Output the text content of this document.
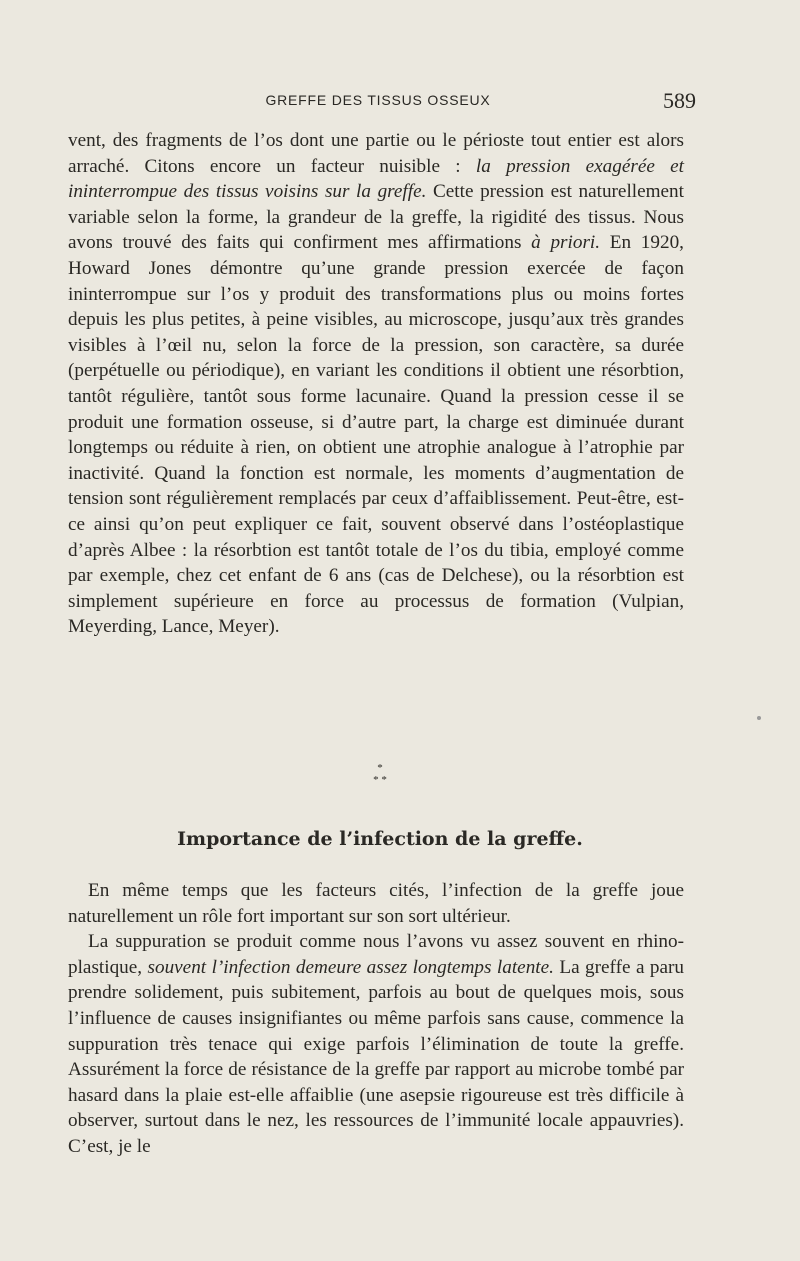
GREFFE DES TISSUS OSSEUX	589

vent, des fragments de l’os dont une partie ou le périoste tout entier est alors arraché. Citons encore un facteur nuisible : la pression exagérée et ininterrompue des tissus voisins sur la greffe. Cette pression est naturellement variable selon la forme, la grandeur de la greffe, la rigidité des tissus. Nous avons trouvé des faits qui confirment mes affirmations à priori. En 1920, Howard Jones démontre qu’une grande pression exercée de façon ininterrompue sur l’os y produit des transformations plus ou moins fortes depuis les plus petites, à peine visibles, au microscope, jusqu’aux très grandes visibles à l’œil nu, selon la force de la pression, son caractère, sa durée (perpétuelle ou périodique), en variant les conditions il obtient une résorbtion, tantôt régulière, tantôt sous forme lacunaire. Quand la pression cesse il se produit une formation osseuse, si d’autre part, la charge est diminuée durant longtemps ou réduite à rien, on obtient une atrophie analogue à l’atrophie par inactivité. Quand la fonction est normale, les moments d’augmentation de tension sont régulièrement remplacés par ceux d’affaiblissement. Peut-être, est-ce ainsi qu’on peut expliquer ce fait, souvent observé dans l’ostéoplastique d’après Albee : la résorbtion est tantôt totale de l’os du tibia, employé comme par exemple, chez cet enfant de 6 ans (cas de Delchese), ou la résorbtion est simplement supérieure en force au processus de formation (Vulpian, Meyerding, Lance, Meyer).

*
* *
Importance de l’infection de la greffe.

En même temps que les facteurs cités, l’infection de la greffe joue naturellement un rôle fort important sur son sort ultérieur.

La suppuration se produit comme nous l’avons vu assez souvent en rhino-plastique, souvent l’infection demeure assez longtemps latente. La greffe a paru prendre solidement, puis subitement, parfois au bout de quelques mois, sous l’influence de causes insignifiantes ou même parfois sans cause, commence la suppuration très tenace qui exige parfois l’élimination de toute la greffe. Assurément la force de résistance de la greffe par rapport au microbe tombé par hasard dans la plaie est-elle affaiblie (une asepsie rigoureuse est très difficile à observer, surtout dans le nez, les ressources de l’immunité locale appauvries). C’est, je le
